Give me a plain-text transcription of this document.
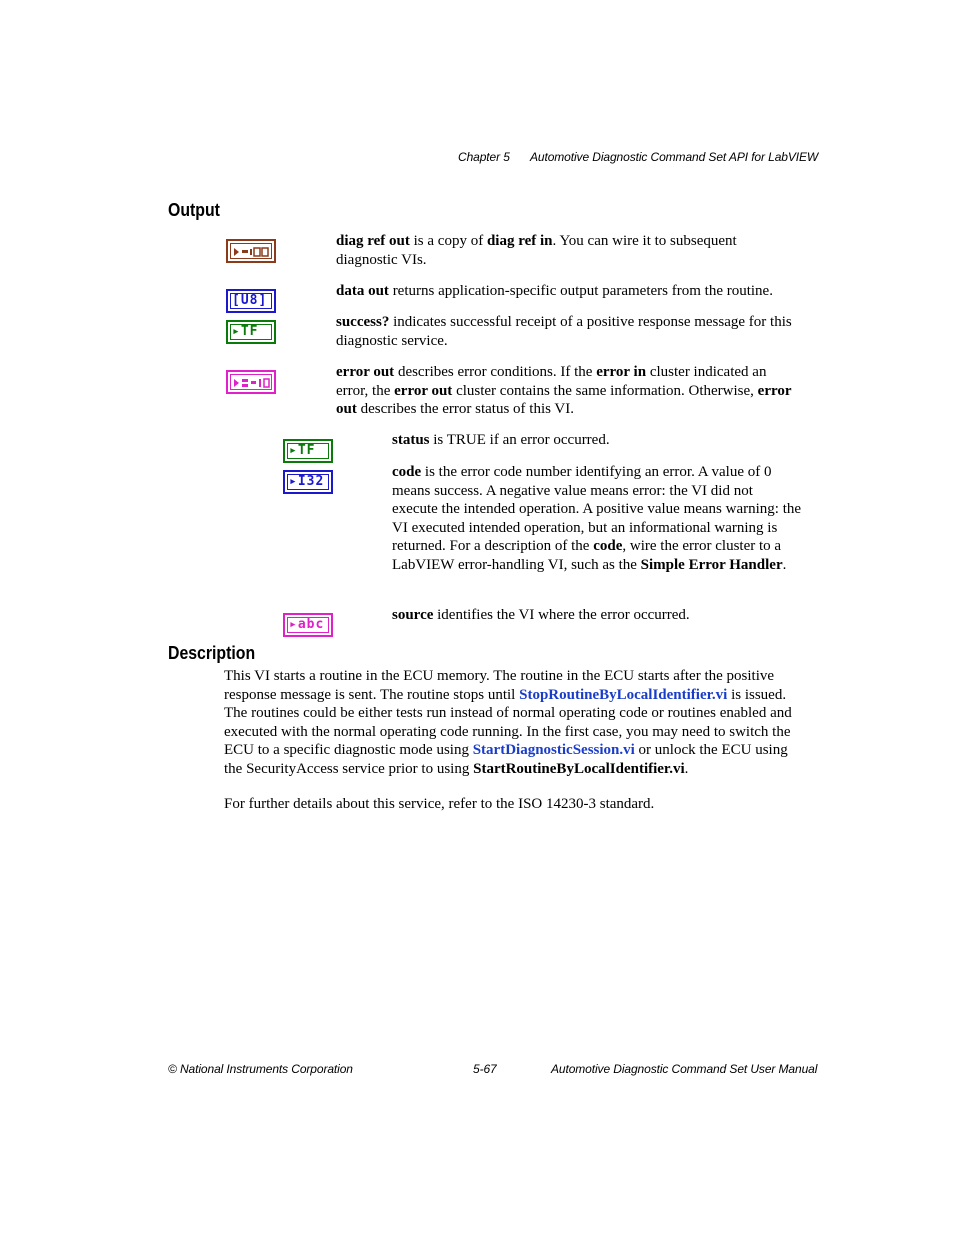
Chapter 5 Automotive Diagnostic Command Set API for LabVIEW
Output
diag ref out is a copy of diag ref in. You can wire it to subsequent diagnostic VIs.
[U8]
data out returns application-specific output parameters from the routine.
▸TF
success? indicates successful receipt of a positive response message for this diagnostic service.
error out describes error conditions. If the error in cluster indicated an error, the error out cluster contains the same information. Otherwise, error out describes the error status of this VI.
▸TF
status is TRUE if an error occurred.
▸I32
code is the error code number identifying an error. A value of 0 means success. A negative value means error: the VI did not execute the intended operation. A positive value means warning: the VI executed intended operation, but an informational warning is returned. For a description of the code, wire the error cluster to a LabVIEW error-handling VI, such as the Simple Error Handler.
▸abc
source identifies the VI where the error occurred.
Description
This VI starts a routine in the ECU memory. The routine in the ECU starts after the positive response message is sent. The routine stops until StopRoutineByLocalIdentifier.vi is issued. The routines could be either tests run instead of normal operating code or routines enabled and executed with the normal operating code running. In the first case, you may need to switch the ECU to a specific diagnostic mode using StartDiagnosticSession.vi or unlock the ECU using the SecurityAccess service prior to using StartRoutineByLocalIdentifier.vi.
For further details about this service, refer to the ISO 14230-3 standard.
© National Instruments Corporation	5-67	Automotive Diagnostic Command Set User Manual
